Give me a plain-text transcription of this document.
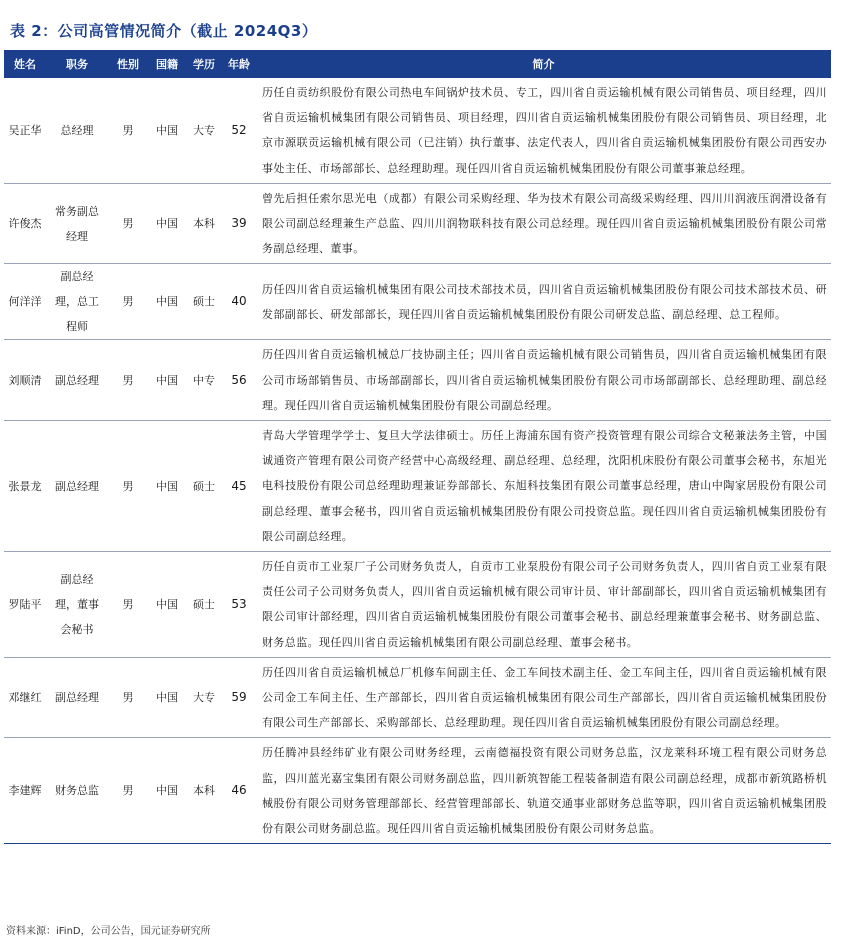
表 2：公司高管情况简介（截止 2024Q3）
姓名	职务	性别	国籍	学历	年龄	简介
吴正华	总经理	男	中国	大专	52	历任自贡纺织股份有限公司热电车间锅炉技术员、专工，四川省自贡运输机械有限公司销售员、项目经理，四川省自贡运输机械集团有限公司销售员、项目经理，四川省自贡运输机械集团股份有限公司销售员、项目经理，北京市源联贡运输机械有限公司（已注销）执行董事、法定代表人，四川省自贡运输机械集团股份有限公司西安办事处主任、市场部部长、总经理助理。现任四川省自贡运输机械集团股份有限公司董事兼总经理。
许俊杰	常务副总经理	男	中国	本科	39	曾先后担任索尔思光电（成都）有限公司采购经理、华为技术有限公司高级采购经理、四川川润液压润滑设备有限公司副总经理兼生产总监、四川川润物联科技有限公司总经理。现任四川省自贡运输机械集团股份有限公司常务副总经理、董事。
何洋洋	副总经理，总工程师	男	中国	硕士	40	历任四川省自贡运输机械集团有限公司技术部技术员，四川省自贡运输机械集团股份有限公司技术部技术员、研发部副部长、研发部部长，现任四川省自贡运输机械集团股份有限公司研发总监、副总经理、总工程师。
刘顺清	副总经理	男	中国	中专	56	历任四川省自贡运输机械总厂技协副主任；四川省自贡运输机械有限公司销售员，四川省自贡运输机械集团有限公司市场部销售员、市场部副部长，四川省自贡运输机械集团股份有限公司市场部副部长、总经理助理、副总经理。现任四川省自贡运输机械集团股份有限公司副总经理。
张景龙	副总经理	男	中国	硕士	45	青岛大学管理学学士、复旦大学法律硕士。历任上海浦东国有资产投资管理有限公司综合文秘兼法务主管，中国诚通资产管理有限公司资产经营中心高级经理、副总经理、总经理，沈阳机床股份有限公司董事会秘书，东旭光电科技股份有限公司总经理助理兼证券部部长、东旭科技集团有限公司董事总经理，唐山中陶家居股份有限公司副总经理、董事会秘书，四川省自贡运输机械集团股份有限公司投资总监。现任四川省自贡运输机械集团股份有限公司副总经理。
罗陆平	副总经理，董事会秘书	男	中国	硕士	53	历任自贡市工业泵厂子公司财务负责人，自贡市工业泵股份有限公司子公司财务负责人，四川省自贡工业泵有限责任公司子公司财务负责人，四川省自贡运输机械有限公司审计员、审计部副部长，四川省自贡运输机械集团有限公司审计部经理，四川省自贡运输机械集团股份有限公司董事会秘书、副总经理兼董事会秘书、财务副总监、财务总监。现任四川省自贡运输机械集团有限公司副总经理、董事会秘书。
邓继红	副总经理	男	中国	大专	59	历任四川省自贡运输机械总厂机修车间副主任、金工车间技术副主任、金工车间主任，四川省自贡运输机械有限公司金工车间主任、生产部部长，四川省自贡运输机械集团有限公司生产部部长，四川省自贡运输机械集团股份有限公司生产部部长、采购部部长、总经理助理。现任四川省自贡运输机械集团股份有限公司副总经理。
李建辉	财务总监	男	中国	本科	46	历任腾冲县经纬矿业有限公司财务经理，云南德福投资有限公司财务总监，汉龙莱科环境工程有限公司财务总监，四川蓝光嘉宝集团有限公司财务副总监，四川新筑智能工程装备制造有限公司副总经理，成都市新筑路桥机械股份有限公司财务管理部部长、经营管理部部长、轨道交通事业部财务总监等职，四川省自贡运输机械集团股份有限公司财务副总监。现任四川省自贡运输机械集团股份有限公司财务总监。
资料来源：iFinD，公司公告，国元证券研究所
